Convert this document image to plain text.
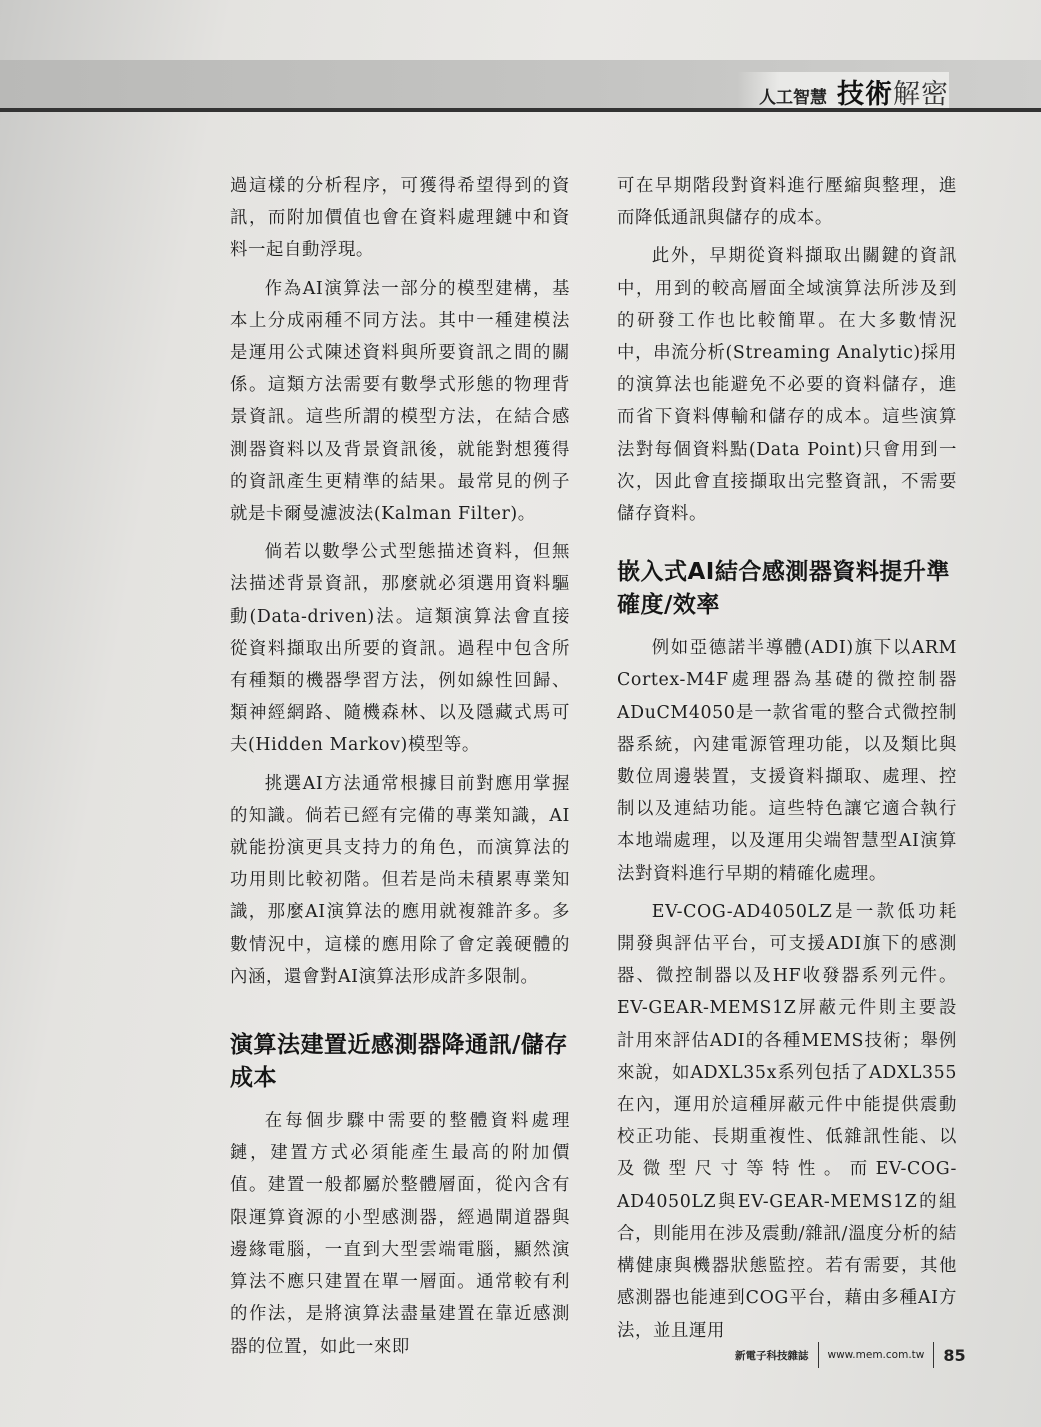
人工智慧 技術解密

過這樣的分析程序，可獲得希望得到的資訊，而附加價值也會在資料處理鏈中和資料一起自動浮現。

作為AI演算法一部分的模型建構，基本上分成兩種不同方法。其中一種建模法是運用公式陳述資料與所要資訊之間的關係。這類方法需要有數學式形態的物理背景資訊。這些所謂的模型方法，在結合感測器資料以及背景資訊後，就能對想獲得的資訊產生更精準的結果。最常見的例子就是卡爾曼濾波法(Kalman Filter)。

倘若以數學公式型態描述資料，但無法描述背景資訊，那麼就必須選用資料驅動(Data-driven)法。這類演算法會直接從資料擷取出所要的資訊。過程中包含所有種類的機器學習方法，例如線性回歸、類神經網路、隨機森林、以及隱藏式馬可夫(Hidden Markov)模型等。

挑選AI方法通常根據目前對應用掌握的知識。倘若已經有完備的專業知識，AI就能扮演更具支持力的角色，而演算法的功用則比較初階。但若是尚未積累專業知識，那麼AI演算法的應用就複雜許多。多數情況中，這樣的應用除了會定義硬體的內涵，還會對AI演算法形成許多限制。

演算法建置近感測器降通訊/儲存成本

在每個步驟中需要的整體資料處理鏈，建置方式必須能產生最高的附加價值。建置一般都屬於整體層面，從內含有限運算資源的小型感測器，經過閘道器與邊緣電腦，一直到大型雲端電腦，顯然演算法不應只建置在單一層面。通常較有利的作法，是將演算法盡量建置在靠近感測器的位置，如此一來即

可在早期階段對資料進行壓縮與整理，進而降低通訊與儲存的成本。

此外，早期從資料擷取出關鍵的資訊中，用到的較高層面全域演算法所涉及到的研發工作也比較簡單。在大多數情況中，串流分析(Streaming Analytic)採用的演算法也能避免不必要的資料儲存，進而省下資料傳輸和儲存的成本。這些演算法對每個資料點(Data Point)只會用到一次，因此會直接擷取出完整資訊，不需要儲存資料。

嵌入式AI結合感測器資料提升準確度/效率

例如亞德諾半導體(ADI)旗下以ARM Cortex-M4F處理器為基礎的微控制器ADuCM4050是一款省電的整合式微控制器系統，內建電源管理功能，以及類比與數位周邊裝置，支援資料擷取、處理、控制以及連結功能。這些特色讓它適合執行本地端處理，以及運用尖端智慧型AI演算法對資料進行早期的精確化處理。

EV-COG-AD4050LZ是一款低功耗開發與評估平台，可支援ADI旗下的感測器、微控制器以及HF收發器系列元件。EV-GEAR-MEMS1Z屏蔽元件則主要設計用來評估ADI的各種MEMS技術；舉例來說，如ADXL35x系列包括了ADXL355在內，運用於這種屏蔽元件中能提供震動校正功能、長期重複性、低雜訊性能、以及微型尺寸等特性。而EV-COG-AD4050LZ與EV-GEAR-MEMS1Z的組合，則能用在涉及震動/雜訊/溫度分析的結構健康與機器狀態監控。若有需要，其他感測器也能連到COG平台，藉由多種AI方法，並且運用

新電子科技雜誌 www.mem.com.tw 85
